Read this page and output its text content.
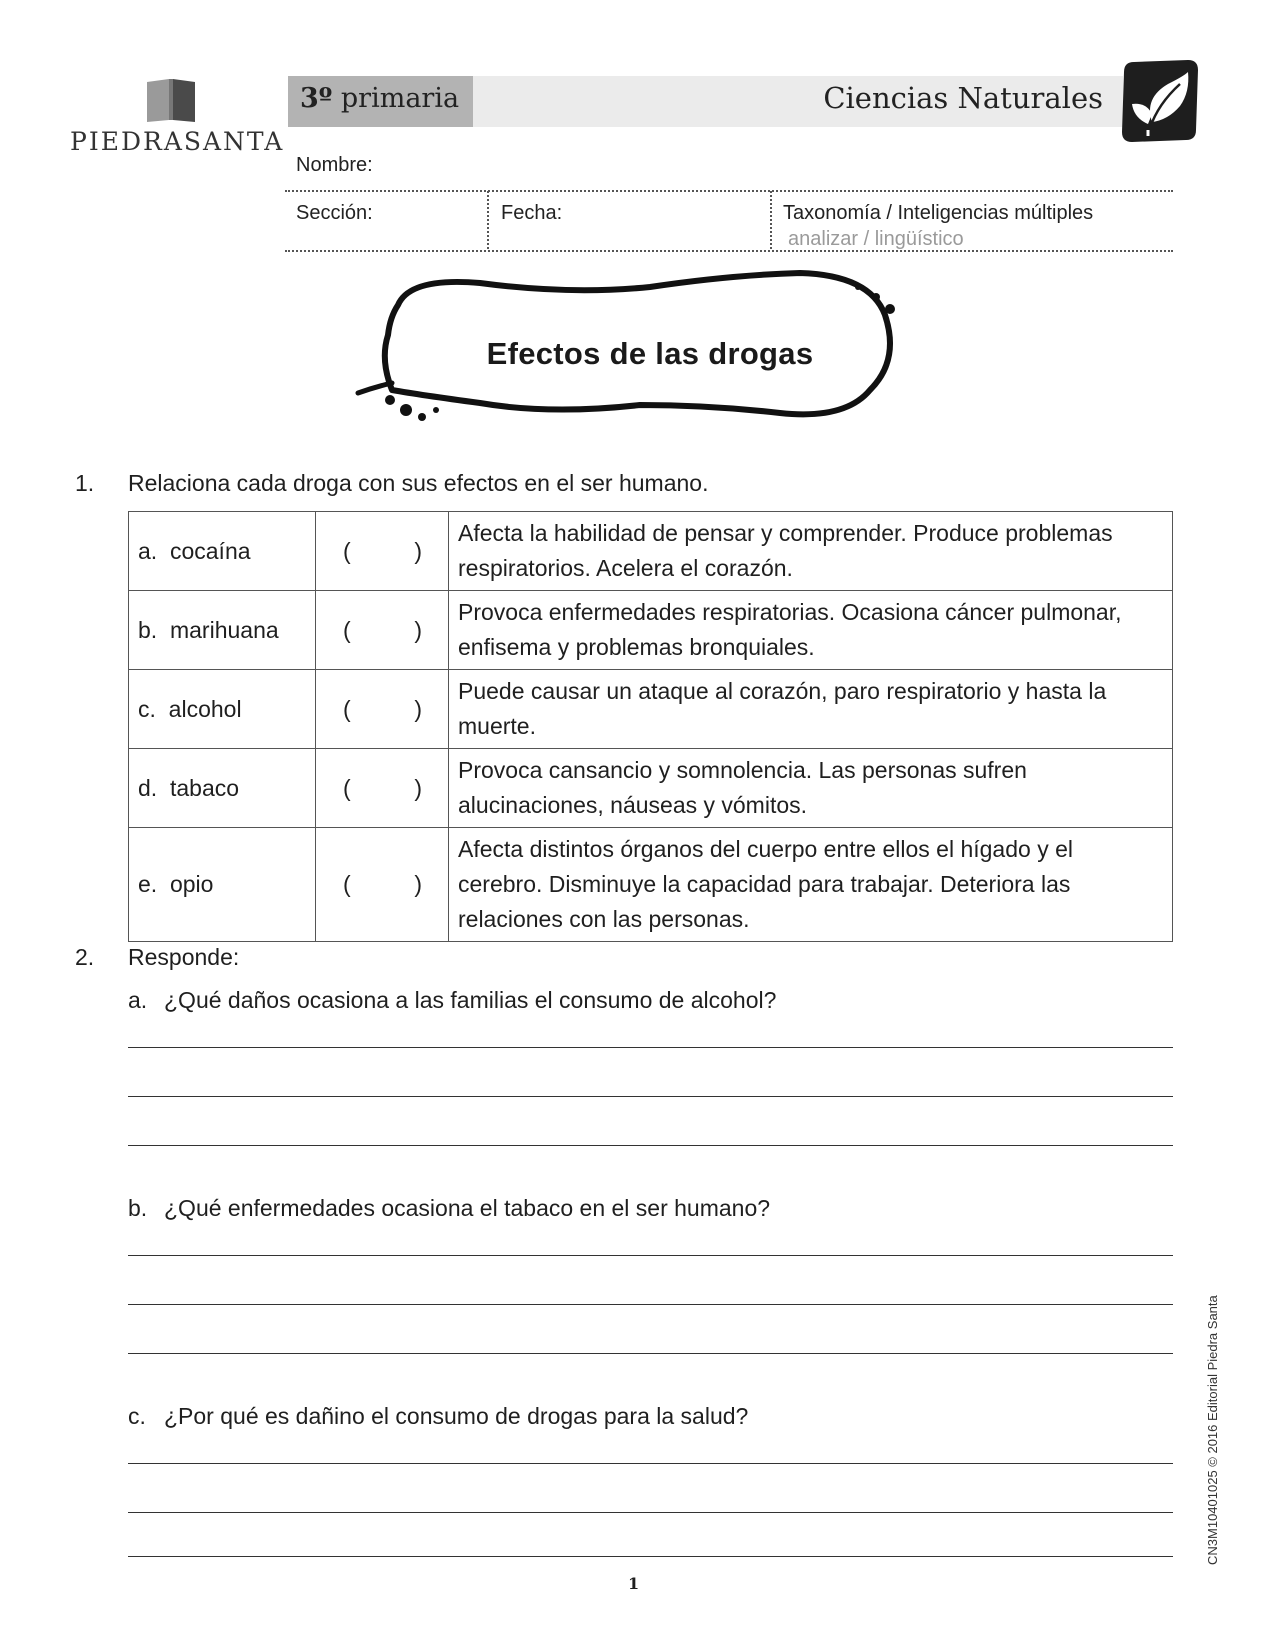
PIEDRASANTA
3º primaria	Ciencias Naturales
Nombre:
Sección:	Fecha:	Taxonomía / Inteligencias múltiples
analizar / lingüístico
Efectos de las drogas
1. Relaciona cada droga con sus efectos en el ser humano.
a. cocaína	( )	Afecta la habilidad de pensar y comprender. Produce problemas respiratorios. Acelera el corazón.
b. marihuana	( )	Provoca enfermedades respiratorias. Ocasiona cáncer pulmonar, enfisema y problemas bronquiales.
c. alcohol	( )	Puede causar un ataque al corazón, paro respiratorio y hasta la muerte.
d. tabaco	( )	Provoca cansancio y somnolencia. Las personas sufren alucinaciones, náuseas y vómitos.
e. opio	( )	Afecta distintos órganos del cuerpo entre ellos el hígado y el cerebro. Disminuye la capacidad para trabajar. Deteriora las relaciones con las personas.
2. Responde:
a. ¿Qué daños ocasiona a las familias el consumo de alcohol?
b. ¿Qué enfermedades ocasiona el tabaco en el ser humano?
c. ¿Por qué es dañino el consumo de drogas para la salud?
1
CN3M10401025 © 2016 Editorial Piedra Santa
